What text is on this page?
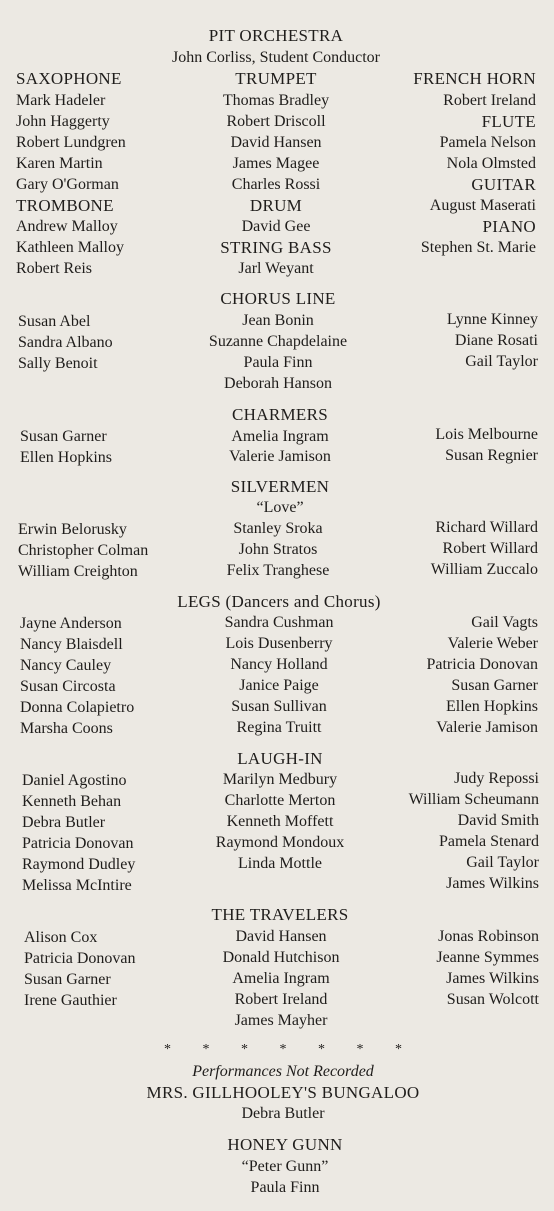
PIT ORCHESTRA
John Corliss, Student Conductor
SAXOPHONE
Mark Hadeler
John Haggerty
Robert Lundgren
Karen Martin
Gary O'Gorman
TROMBONE
Andrew Malloy
Kathleen Malloy
Robert Reis
TRUMPET
Thomas Bradley
Robert Driscoll
David Hansen
James Magee
Charles Rossi
DRUM
David Gee
STRING BASS
Jarl Weyant
FRENCH HORN
Robert Ireland
FLUTE
Pamela Nelson
Nola Olmsted
GUITAR
August Maserati
PIANO
Stephen St. Marie
CHORUS LINE
Susan Abel
Sandra Albano
Sally Benoit
Jean Bonin
Suzanne Chapdelaine
Paula Finn
Deborah Hanson
Lynne Kinney
Diane Rosati
Gail Taylor
CHARMERS
Susan Garner
Ellen Hopkins
Amelia Ingram
Valerie Jamison
Lois Melbourne
Susan Regnier
SILVERMEN
“Love”
Erwin Belorusky
Christopher Colman
William Creighton
Stanley Sroka
John Stratos
Felix Tranghese
Richard Willard
Robert Willard
William Zuccalo
LEGS (Dancers and Chorus)
Jayne Anderson
Nancy Blaisdell
Nancy Cauley
Susan Circosta
Donna Colapietro
Marsha Coons
Sandra Cushman
Lois Dusenberry
Nancy Holland
Janice Paige
Susan Sullivan
Regina Truitt
Gail Vagts
Valerie Weber
Patricia Donovan
Susan Garner
Ellen Hopkins
Valerie Jamison
LAUGH-IN
Daniel Agostino
Kenneth Behan
Debra Butler
Patricia Donovan
Raymond Dudley
Melissa McIntire
Marilyn Medbury
Charlotte Merton
Kenneth Moffett
Raymond Mondoux
Linda Mottle
Judy Repossi
William Scheumann
David Smith
Pamela Stenard
Gail Taylor
James Wilkins
THE TRAVELERS
Alison Cox
Patricia Donovan
Susan Garner
Irene Gauthier
David Hansen
Donald Hutchison
Amelia Ingram
Robert Ireland
James Mayher
Jonas Robinson
Jeanne Symmes
James Wilkins
Susan Wolcott
* * * * * * *
Performances Not Recorded
MRS. GILLHOOLEY'S BUNGALOO
Debra Butler
HONEY GUNN
“Peter Gunn”
Paula Finn
